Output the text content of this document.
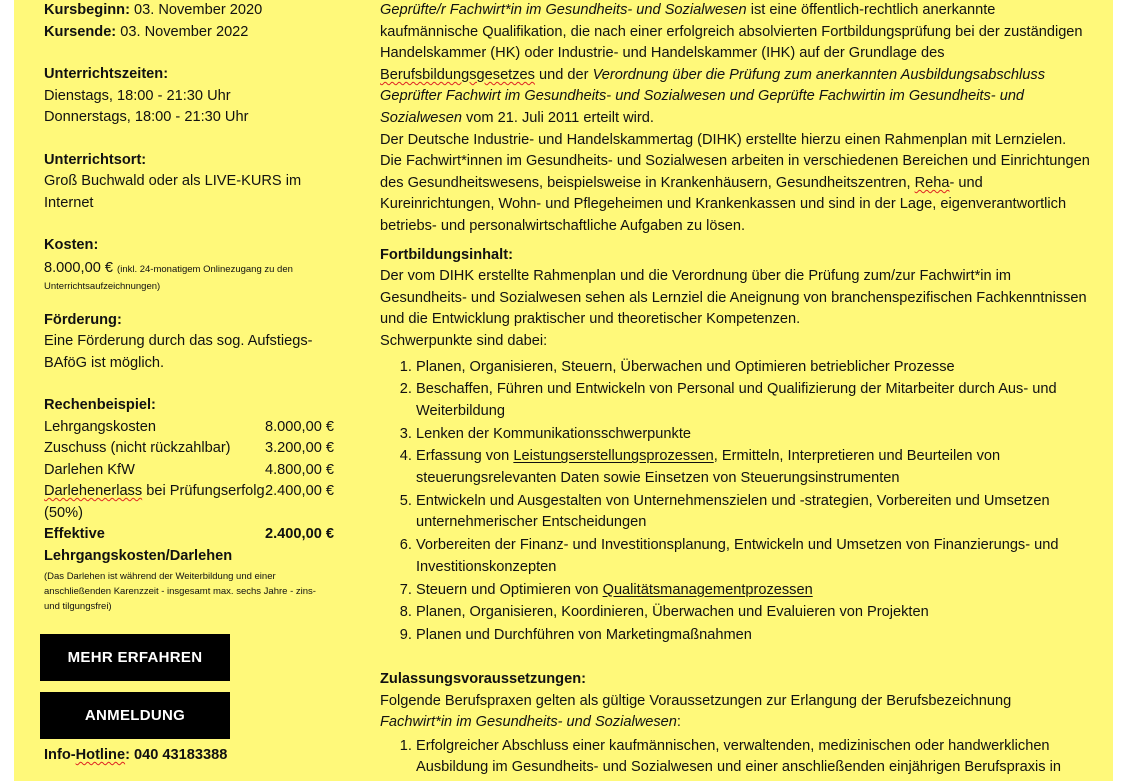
Kursbeginn: 03. November 2020

Kursende: 03. November 2022

Unterrichtszeiten:

Dienstags, 18:00 - 21:30 Uhr

Donnerstags, 18:00 - 21:30 Uhr

Unterrichtsort:

Groß Buchwald oder als LIVE-KURS im Internet

Kosten:

8.000,00 € (inkl. 24-monatigem Onlinezugang zu den Unterrichtsaufzeichnungen)

Förderung:

Eine Förderung durch das sog. Aufstiegs-BAföG ist möglich.

Rechenbeispiel:

Lehrgangskosten	8.000,00 €
Zuschuss (nicht rückzahlbar)	3.200,00 €
Darlehen KfW	4.800,00 €
Darlehenerlass bei Prüfungserfolg (50%)	2.400,00 €
Effektive Lehrgangskosten/Darlehen	2.400,00 €

(Das Darlehen ist während der Weiterbildung und einer anschließenden Karenzzeit - insgesamt max. sechs Jahre - zins- und tilgungsfrei)

MEHR ERFAHREN
ANMELDUNG

Info-Hotline: 040 43183388

Geprüfte/r Fachwirt*in im Gesundheits- und Sozialwesen ist eine öffentlich-rechtlich anerkannte kaufmännische Qualifikation, die nach einer erfolgreich absolvierten Fortbildungsprüfung bei der zuständigen Handelskammer (HK) oder Industrie- und Handelskammer (IHK) auf der Grundlage des Berufsbildungsgesetzes und der Verordnung über die Prüfung zum anerkannten Ausbildungsabschluss Geprüfter Fachwirt im Gesundheits- und Sozialwesen und Geprüfte Fachwirtin im Gesundheits- und Sozialwesen vom 21. Juli 2011 erteilt wird.

Der Deutsche Industrie- und Handelskammertag (DIHK) erstellte hierzu einen Rahmenplan mit Lernzielen. Die Fachwirt*innen im Gesundheits- und Sozialwesen arbeiten in verschiedenen Bereichen und Einrichtungen des Gesundheitswesens, beispielsweise in Krankenhäusern, Gesundheitszentren, Reha- und Kureinrichtungen, Wohn- und Pflegeheimen und Krankenkassen und sind in der Lage, eigenverantwortlich betriebs- und personalwirtschaftliche Aufgaben zu lösen.

Fortbildungsinhalt:

Der vom DIHK erstellte Rahmenplan und die Verordnung über die Prüfung zum/zur Fachwirt*in im Gesundheits- und Sozialwesen sehen als Lernziel die Aneignung von branchenspezifischen Fachkenntnissen und die Entwicklung praktischer und theoretischer Kompetenzen.

Schwerpunkte sind dabei:

1. Planen, Organisieren, Steuern, Überwachen und Optimieren betrieblicher Prozesse
2. Beschaffen, Führen und Entwickeln von Personal und Qualifizierung der Mitarbeiter durch Aus- und Weiterbildung
3. Lenken der Kommunikationsschwerpunkte
4. Erfassung von Leistungserstellungsprozessen, Ermitteln, Interpretieren und Beurteilen von steuerungsrelevanten Daten sowie Einsetzen von Steuerungsinstrumenten
5. Entwickeln und Ausgestalten von Unternehmenszielen und -strategien, Vorbereiten und Umsetzen unternehmerischer Entscheidungen
6. Vorbereiten der Finanz- und Investitionsplanung, Entwickeln und Umsetzen von Finanzierungs- und Investitionskonzepten
7. Steuern und Optimieren von Qualitätsmanagementprozessen
8. Planen, Organisieren, Koordinieren, Überwachen und Evaluieren von Projekten
9. Planen und Durchführen von Marketingmaßnahmen

Zulassungsvoraussetzungen:

Folgende Berufspraxen gelten als gültige Voraussetzungen zur Erlangung der Berufsbezeichnung

Fachwirt*in im Gesundheits- und Sozialwesen:

1. Erfolgreicher Abschluss einer kaufmännischen, verwaltenden, medizinischen oder handwerklichen Ausbildung im Gesundheits- und Sozialwesen und einer anschließenden einjährigen Berufspraxis in
